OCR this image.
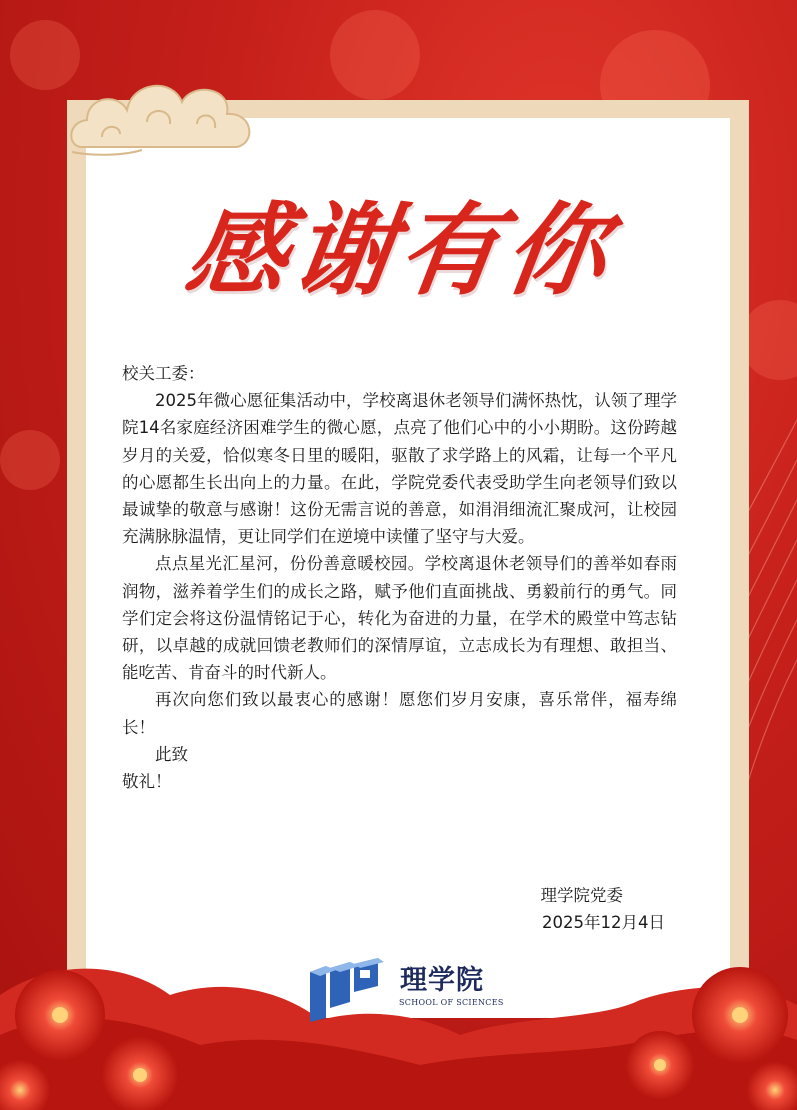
感谢有你

校关工委：

2025年微心愿征集活动中，学校离退休老领导们满怀热忱，认领了理学院14名家庭经济困难学生的微心愿，点亮了他们心中的小小期盼。这份跨越岁月的关爱，恰似寒冬日里的暖阳，驱散了求学路上的风霜，让每一个平凡的心愿都生长出向上的力量。在此，学院党委代表受助学生向老领导们致以最诚挚的敬意与感谢！这份无需言说的善意，如涓涓细流汇聚成河，让校园充满脉脉温情，更让同学们在逆境中读懂了坚守与大爱。

点点星光汇星河，份份善意暖校园。学校离退休老领导们的善举如春雨润物，滋养着学生们的成长之路，赋予他们直面挑战、勇毅前行的勇气。同学们定会将这份温情铭记于心，转化为奋进的力量，在学术的殿堂中笃志钻研，以卓越的成就回馈老教师们的深情厚谊，立志成长为有理想、敢担当、能吃苦、肯奋斗的时代新人。

再次向您们致以最衷心的感谢！愿您们岁月安康，喜乐常伴，福寿绵长！

此致

敬礼！

理学院党委
2025年12月4日
理学院
SCHOOL OF SCIENCES
